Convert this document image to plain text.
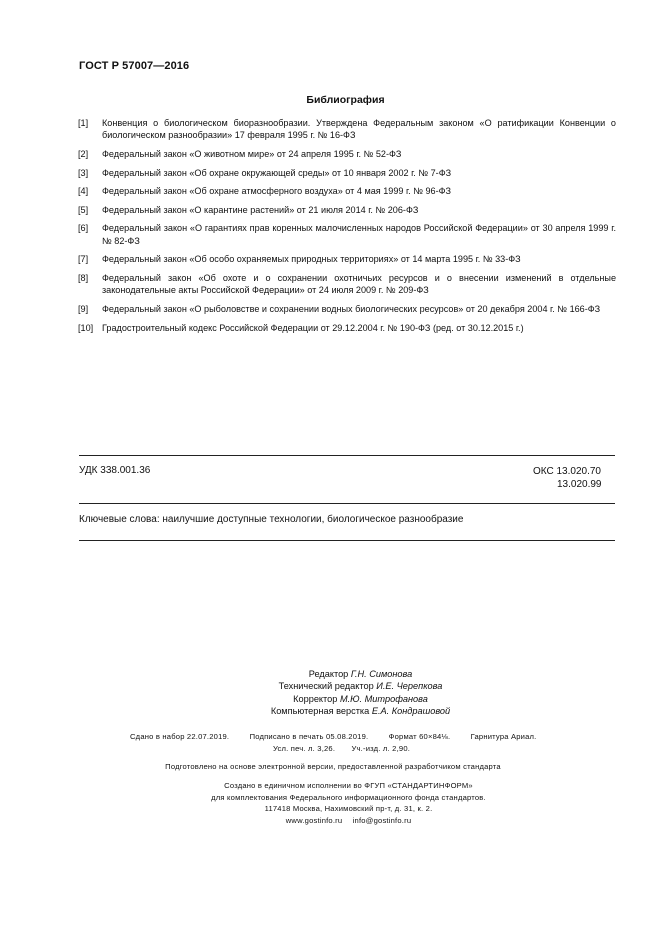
ГОСТ Р 57007—2016
Библиография
[1]	Конвенция о биологическом биоразнообразии. Утверждена Федеральным законом «О ратификации Конвенции о биологическом разнообразии» 17 февраля 1995 г. № 16-ФЗ
[2]	Федеральный закон «О животном мире» от 24 апреля 1995 г. № 52-ФЗ
[3]	Федеральный закон «Об охране окружающей среды» от 10 января 2002 г. № 7-ФЗ
[4]	Федеральный закон «Об охране атмосферного воздуха» от 4 мая 1999 г. № 96-ФЗ
[5]	Федеральный закон «О карантине растений» от 21 июля 2014 г. № 206-ФЗ
[6]	Федеральный закон «О гарантиях прав коренных малочисленных народов Российской Федерации» от 30 апреля 1999 г. № 82-ФЗ
[7]	Федеральный закон «Об особо охраняемых природных территориях» от 14 марта 1995 г. № 33-ФЗ
[8]	Федеральный закон «Об охоте и о сохранении охотничьих ресурсов и о внесении изменений в отдельные законодательные акты Российской Федерации» от 24 июля 2009 г. № 209-ФЗ
[9]	Федеральный закон «О рыболовстве и сохранении водных биологических ресурсов» от 20 декабря 2004 г. № 166-ФЗ
[10] Градостроительный кодекс Российской Федерации от 29.12.2004 г. № 190-ФЗ (ред. от 30.12.2015 г.)
УДК 338.001.36	ОКС 13.020.70
13.020.99
Ключевые слова: наилучшие доступные технологии, биологическое разнообразие
Редактор Г.Н. Симонова
Технический редактор И.Е. Черепкова
Корректор М.Ю. Митрофанова
Компьютерная верстка Е.А. Кондрашовой
Сдано в набор 22.07.2019.	Подписано в печать 05.08.2019.	Формат 60×84⅛.	Гарнитура Ариал.
Усл. печ. л. 3,26. Уч.-изд. л. 2,90.
Подготовлено на основе электронной версии, предоставленной разработчиком стандарта
Создано в единичном исполнении во ФГУП «СТАНДАРТИНФОРМ»
для комплектования Федерального информационного фонда стандартов.
117418 Москва, Нахимовский пр-т, д. 31, к. 2.
www.gostinfo.ru info@gostinfo.ru
